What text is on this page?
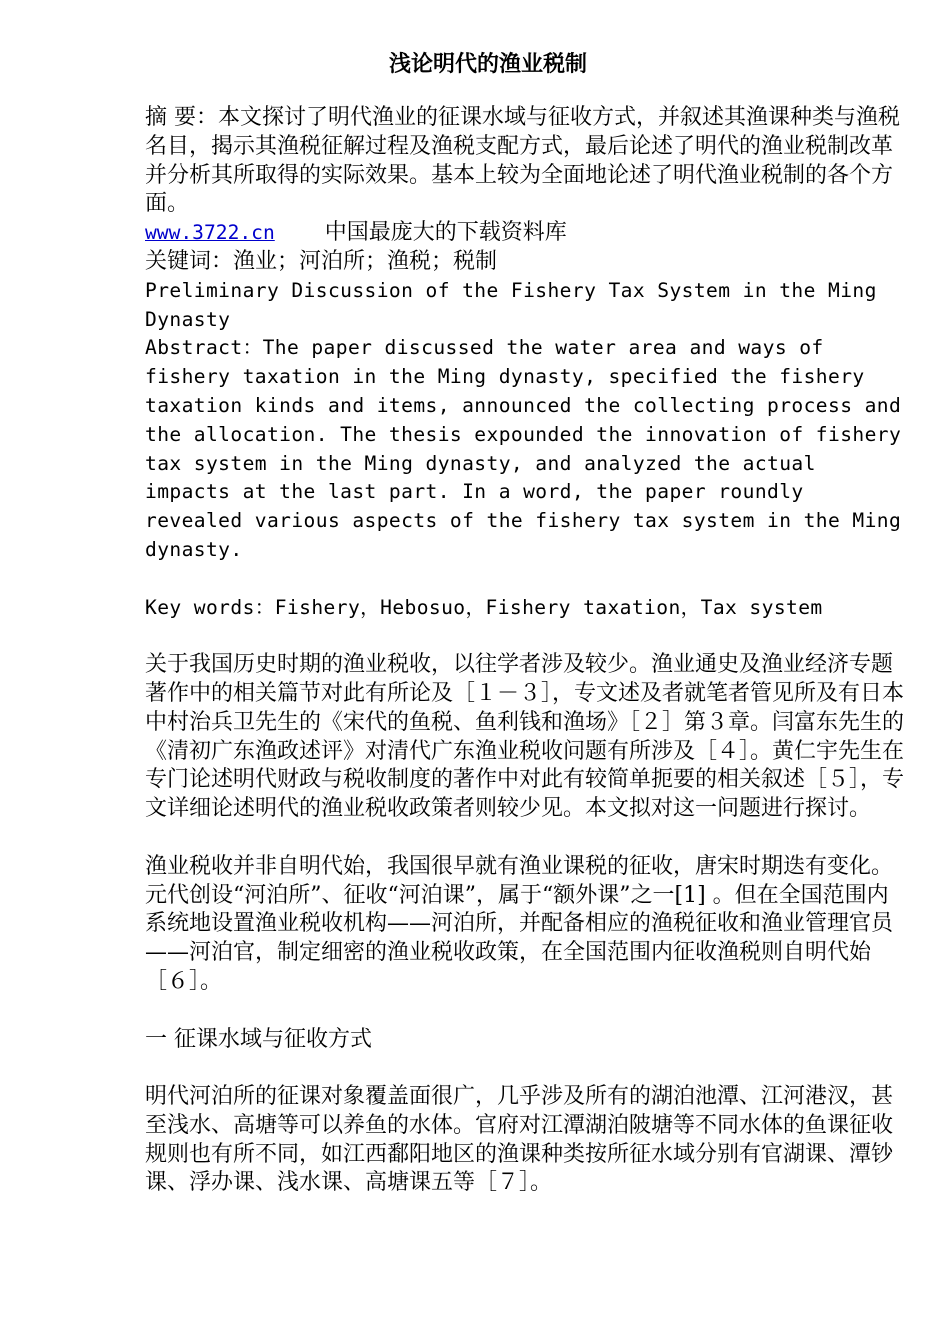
浅论明代的渔业税制

摘 要：本文探讨了明代渔业的征课水域与征收方式，并叙述其渔课种类与渔税名目，揭示其渔税征解过程及渔税支配方式，最后论述了明代的渔业税制改革并分析其所取得的实际效果。基本上较为全面地论述了明代渔业税制的各个方面。

www.3722.cn 中国最庞大的下载资料库

关键词：渔业；河泊所；渔税；税制

Preliminary Discussion of the Fishery Tax System in the Ming Dynasty

Abstract：The paper discussed the water area and ways of fishery taxation in the Ming dynasty, specified the fishery taxation kinds and items, announced the collecting process and the allocation. The thesis expounded the innovation of fishery tax system in the Ming dynasty, and analyzed the actual impacts at the last part. In a word, the paper roundly revealed various aspects of the fishery tax system in the Ming dynasty.

Key words：Fishery，Hebosuo，Fishery taxation，Tax system

关于我国历史时期的渔业税收，以往学者涉及较少。渔业通史及渔业经济专题著作中的相关篇节对此有所论及［１－３］，专文述及者就笔者管见所及有日本中村治兵卫先生的《宋代的鱼税、鱼利钱和渔场》［２］第３章。闫富东先生的《清初广东渔政述评》对清代广东渔业税收问题有所涉及［４］。黄仁宇先生在专门论述明代财政与税收制度的著作中对此有较简单扼要的相关叙述［５］，专文详细论述明代的渔业税收政策者则较少见。本文拟对这一问题进行探讨。

渔业税收并非自明代始，我国很早就有渔业课税的征收，唐宋时期迭有变化。元代创设“河泊所”、征收“河泊课”，属于“额外课”之一[1] 。但在全国范围内系统地设置渔业税收机构——河泊所，并配备相应的渔税征收和渔业管理官员——河泊官，制定细密的渔业税收政策，在全国范围内征收渔税则自明代始［６］。

一 征课水域与征收方式

明代河泊所的征课对象覆盖面很广，几乎涉及所有的湖泊池潭、江河港汊，甚至浅水、高塘等可以养鱼的水体。官府对江潭湖泊陂塘等不同水体的鱼课征收规则也有所不同，如江西鄱阳地区的渔课种类按所征水域分别有官湖课、潭钞课、浮办课、浅水课、高塘课五等［７］。
